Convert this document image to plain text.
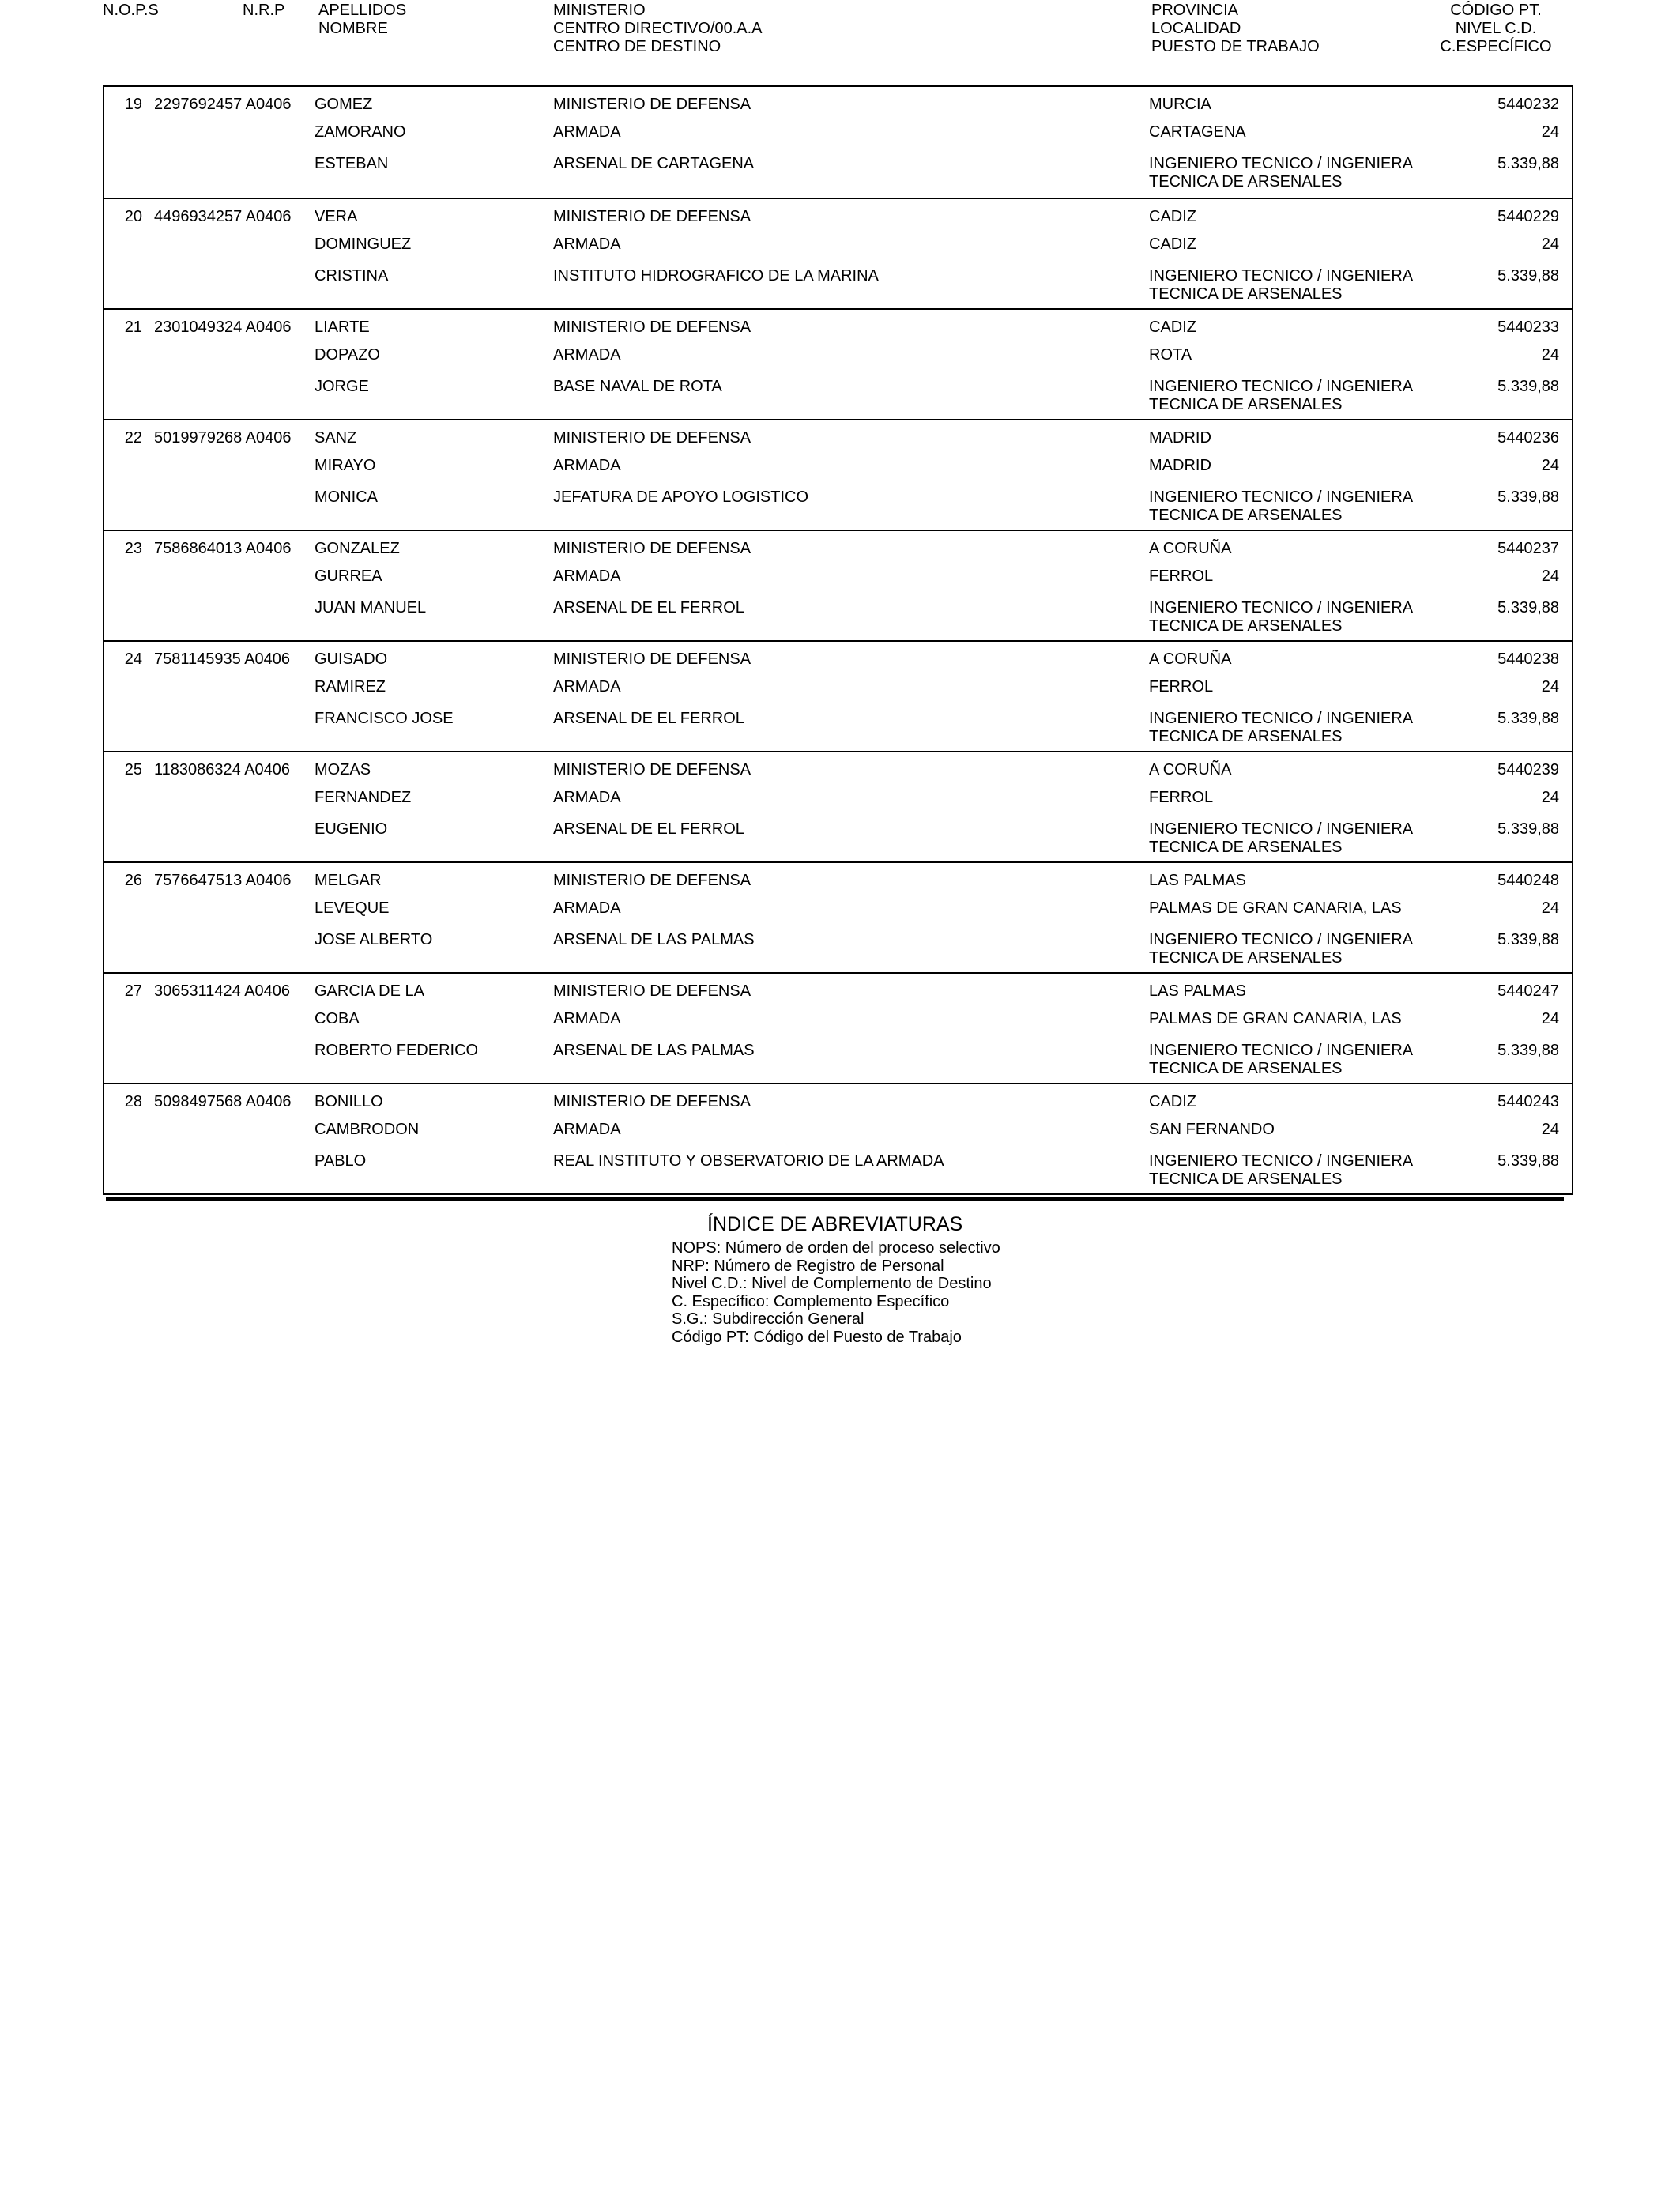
N.O.P.S	N.R.P APELLIDOS
NOMBRE
MINISTERIO
CENTRO DIRECTIVO/00.A.A
CENTRO DE DESTINO
PROVINCIA
LOCALIDAD
PUESTO DE TRABAJO
CÓDIGO PT.
NIVEL C.D.
C.ESPECÍFICO
19 2297692457 A0406 GOMEZ
ZAMORANO
ESTEBAN
MINISTERIO DE DEFENSA
ARMADA
ARSENAL DE CARTAGENA
MURCIA
CARTAGENA
INGENIERO TECNICO / INGENIERA
TECNICA DE ARSENALES
5440232
24
5.339,88
20 4496934257 A0406 VERA
DOMINGUEZ
CRISTINA
MINISTERIO DE DEFENSA
ARMADA
INSTITUTO HIDROGRAFICO DE LA MARINA
CADIZ
CADIZ
INGENIERO TECNICO / INGENIERA
TECNICA DE ARSENALES
5440229
24
5.339,88
21 2301049324 A0406 LIARTE
DOPAZO
JORGE
MINISTERIO DE DEFENSA
ARMADA
BASE NAVAL DE ROTA
CADIZ
ROTA
INGENIERO TECNICO / INGENIERA
TECNICA DE ARSENALES
5440233
24
5.339,88
22 5019979268 A0406 SANZ
MIRAYO
MONICA
MINISTERIO DE DEFENSA
ARMADA
JEFATURA DE APOYO LOGISTICO
MADRID
MADRID
INGENIERO TECNICO / INGENIERA
TECNICA DE ARSENALES
5440236
24
5.339,88
23 7586864013 A0406 GONZALEZ
GURREA
JUAN MANUEL
MINISTERIO DE DEFENSA
ARMADA
ARSENAL DE EL FERROL
A CORUÑA
FERROL
INGENIERO TECNICO / INGENIERA
TECNICA DE ARSENALES
5440237
24
5.339,88
24 7581145935 A0406 GUISADO
RAMIREZ
FRANCISCO JOSE
MINISTERIO DE DEFENSA
ARMADA
ARSENAL DE EL FERROL
A CORUÑA
FERROL
INGENIERO TECNICO / INGENIERA
TECNICA DE ARSENALES
5440238
24
5.339,88
25 1183086324 A0406 MOZAS
FERNANDEZ
EUGENIO
MINISTERIO DE DEFENSA
ARMADA
ARSENAL DE EL FERROL
A CORUÑA
FERROL
INGENIERO TECNICO / INGENIERA
TECNICA DE ARSENALES
5440239
24
5.339,88
26 7576647513 A0406 MELGAR
LEVEQUE
JOSE ALBERTO
MINISTERIO DE DEFENSA
ARMADA
ARSENAL DE LAS PALMAS
LAS PALMAS
PALMAS DE GRAN CANARIA, LAS
INGENIERO TECNICO / INGENIERA
TECNICA DE ARSENALES
5440248
24
5.339,88
27 3065311424 A0406 GARCIA DE LA
COBA
ROBERTO FEDERICO
MINISTERIO DE DEFENSA
ARMADA
ARSENAL DE LAS PALMAS
LAS PALMAS
PALMAS DE GRAN CANARIA, LAS
INGENIERO TECNICO / INGENIERA
TECNICA DE ARSENALES
5440247
24
5.339,88
28 5098497568 A0406 BONILLO
CAMBRODON
PABLO
MINISTERIO DE DEFENSA
ARMADA
REAL INSTITUTO Y OBSERVATORIO DE LA ARMADA
CADIZ
SAN FERNANDO
INGENIERO TECNICO / INGENIERA
TECNICA DE ARSENALES
5440243
24
5.339,88
ÍNDICE DE ABREVIATURAS
NOPS: Número de orden del proceso selectivo
NRP: Número de Registro de Personal
Nivel C.D.: Nivel de Complemento de Destino
C. Específico: Complemento Específico
S.G.: Subdirección General
Código PT: Código del Puesto de Trabajo
